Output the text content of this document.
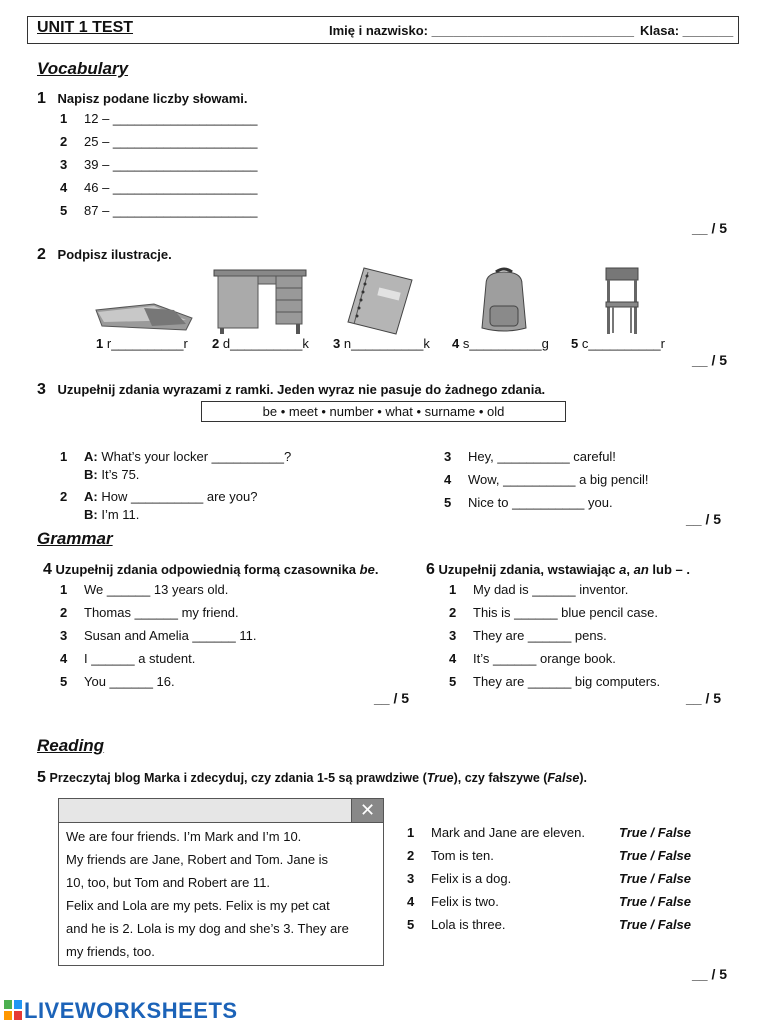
UNIT 1 TEST	Imię i nazwisko: ____________________________ Klasa: _______
Vocabulary
1 Napisz podane liczby słowami.
1 12 – ____________________
2 25 – ____________________
3 39 – ____________________
4 46 – ____________________
5 87 – ____________________
__ / 5
2 Podpisz ilustracje.
1 r__________r 2 d__________k 3 n__________k 4 s__________g 5 c__________r
__ / 5
3 Uzupełnij zdania wyrazami z ramki. Jeden wyraz nie pasuje do żadnego zdania.
be • meet • number • what • surname • old
1 A: What’s your locker __________?
B: It’s 75.
2 A: How __________ are you?
B: I’m 11.
3 Hey, __________ careful!
4 Wow, __________ a big pencil!
5 Nice to __________ you.
__ / 5
Grammar
4 Uzupełnij zdania odpowiednią formą czasownika be.
1 We ______ 13 years old.
2 Thomas ______ my friend.
3 Susan and Amelia ______ 11.
4 I ______ a student.
5 You ______ 16.
__ / 5
6 Uzupełnij zdania, wstawiając a, an lub – .
1 My dad is ______ inventor.
2 This is ______ blue pencil case.
3 They are ______ pens.
4 It’s ______ orange book.
5 They are ______ big computers.
__ / 5
Reading
5 Przeczytaj blog Marka i zdecyduj, czy zdania 1-5 są prawdziwe (True), czy fałszywe (False).
✕
We are four friends. I’m Mark and I’m 10.
My friends are Jane, Robert and Tom. Jane is
10, too, but Tom and Robert are 11.
Felix and Lola are my pets. Felix is my pet cat
and he is 2. Lola is my dog and she’s 3. They are
my friends, too.
1 Mark and Jane are eleven.	True / False
2 Tom is ten.	True / False
3 Felix is a dog.	True / False
4 Felix is two.	True / False
5 Lola is three.	True / False
__ / 5
LIVEWORKSHEETS
